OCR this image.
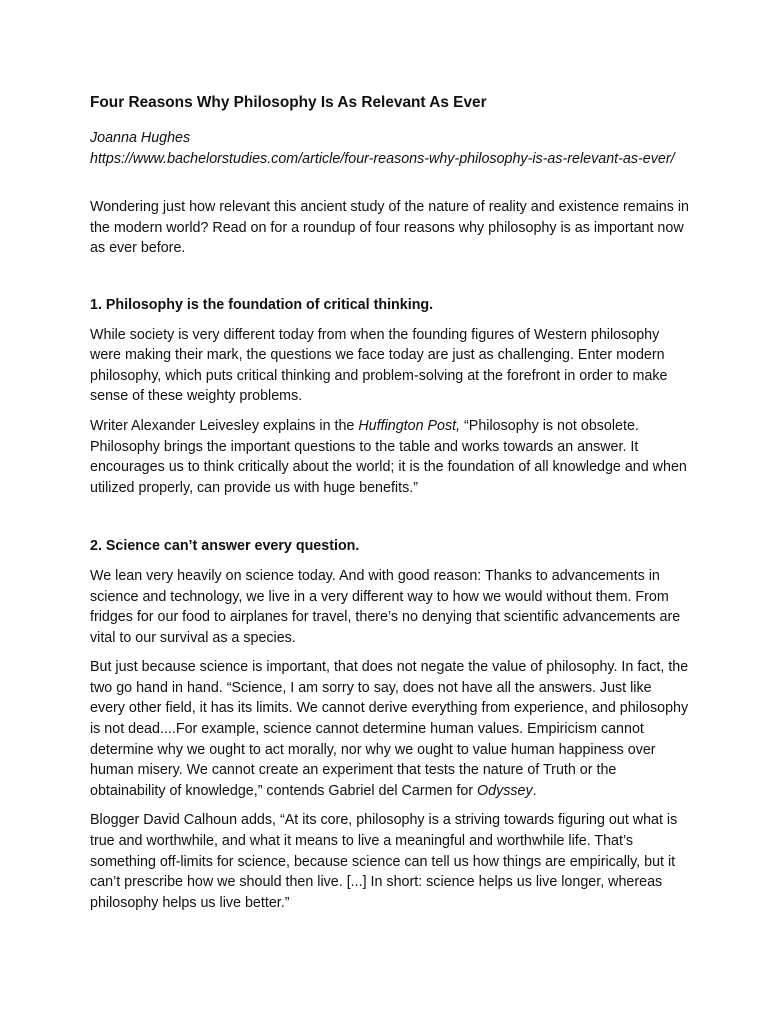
Four Reasons Why Philosophy Is As Relevant As Ever
Joanna Hughes
https://www.bachelorstudies.com/article/four-reasons-why-philosophy-is-as-relevant-as-ever/

Wondering just how relevant this ancient study of the nature of reality and existence remains in the modern world? Read on for a roundup of four reasons why philosophy is as important now as ever before.

1. Philosophy is the foundation of critical thinking.

While society is very different today from when the founding figures of Western philosophy were making their mark, the questions we face today are just as challenging. Enter modern philosophy, which puts critical thinking and problem-solving at the forefront in order to make sense of these weighty problems.

Writer Alexander Leivesley explains in the Huffington Post, “Philosophy is not obsolete. Philosophy brings the important questions to the table and works towards an answer. It encourages us to think critically about the world; it is the foundation of all knowledge and when utilized properly, can provide us with huge benefits.”

2. Science can’t answer every question.

We lean very heavily on science today. And with good reason: Thanks to advancements in science and technology, we live in a very different way to how we would without them. From fridges for our food to airplanes for travel, there’s no denying that scientific advancements are vital to our survival as a species.

But just because science is important, that does not negate the value of philosophy. In fact, the two go hand in hand. “Science, I am sorry to say, does not have all the answers. Just like every other field, it has its limits. We cannot derive everything from experience, and philosophy is not dead....For example, science cannot determine human values. Empiricism cannot determine why we ought to act morally, nor why we ought to value human happiness over human misery. We cannot create an experiment that tests the nature of Truth or the obtainability of knowledge,” contends Gabriel del Carmen for Odyssey.

Blogger David Calhoun adds, “At its core, philosophy is a striving towards figuring out what is true and worthwhile, and what it means to live a meaningful and worthwhile life. That’s something off-limits for science, because science can tell us how things are empirically, but it can’t prescribe how we should then live. [...] In short: science helps us live longer, whereas philosophy helps us live better.”
